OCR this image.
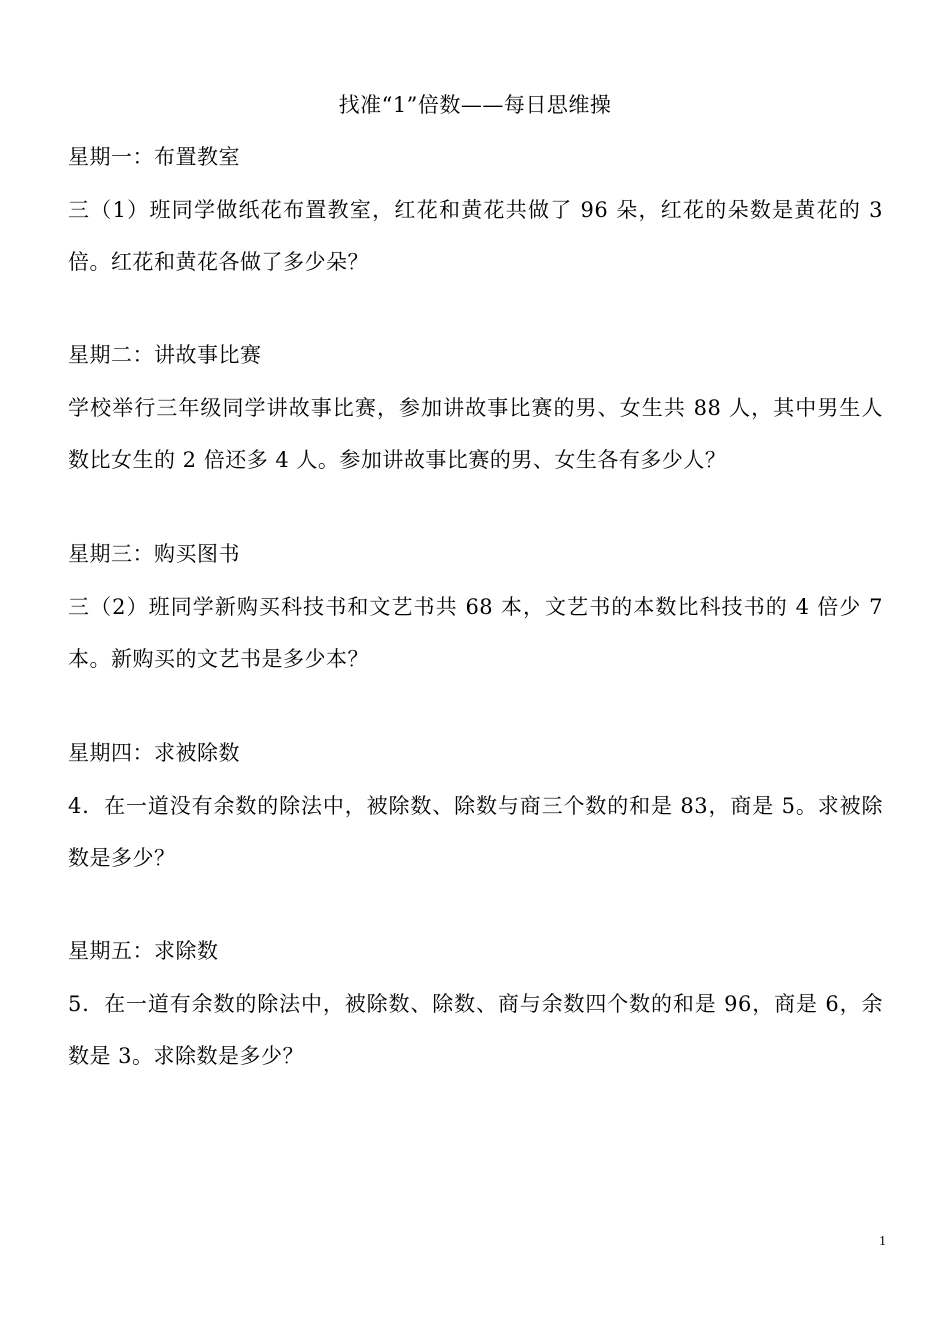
找准“1”倍数——每日思维操

星期一：布置教室

三（1）班同学做纸花布置教室，红花和黄花共做了 96 朵，红花的朵数是黄花的 3 倍。红花和黄花各做了多少朵？

星期二：讲故事比赛

学校举行三年级同学讲故事比赛，参加讲故事比赛的男、女生共 88 人，其中男生人数比女生的 2 倍还多 4 人。参加讲故事比赛的男、女生各有多少人？

星期三：购买图书

三（2）班同学新购买科技书和文艺书共 68 本，文艺书的本数比科技书的 4 倍少 7 本。新购买的文艺书是多少本？

星期四：求被除数

4．在一道没有余数的除法中，被除数、除数与商三个数的和是 83，商是 5。求被除数是多少？

星期五：求除数

5．在一道有余数的除法中，被除数、除数、商与余数四个数的和是 96，商是 6，余数是 3。求除数是多少？

1
